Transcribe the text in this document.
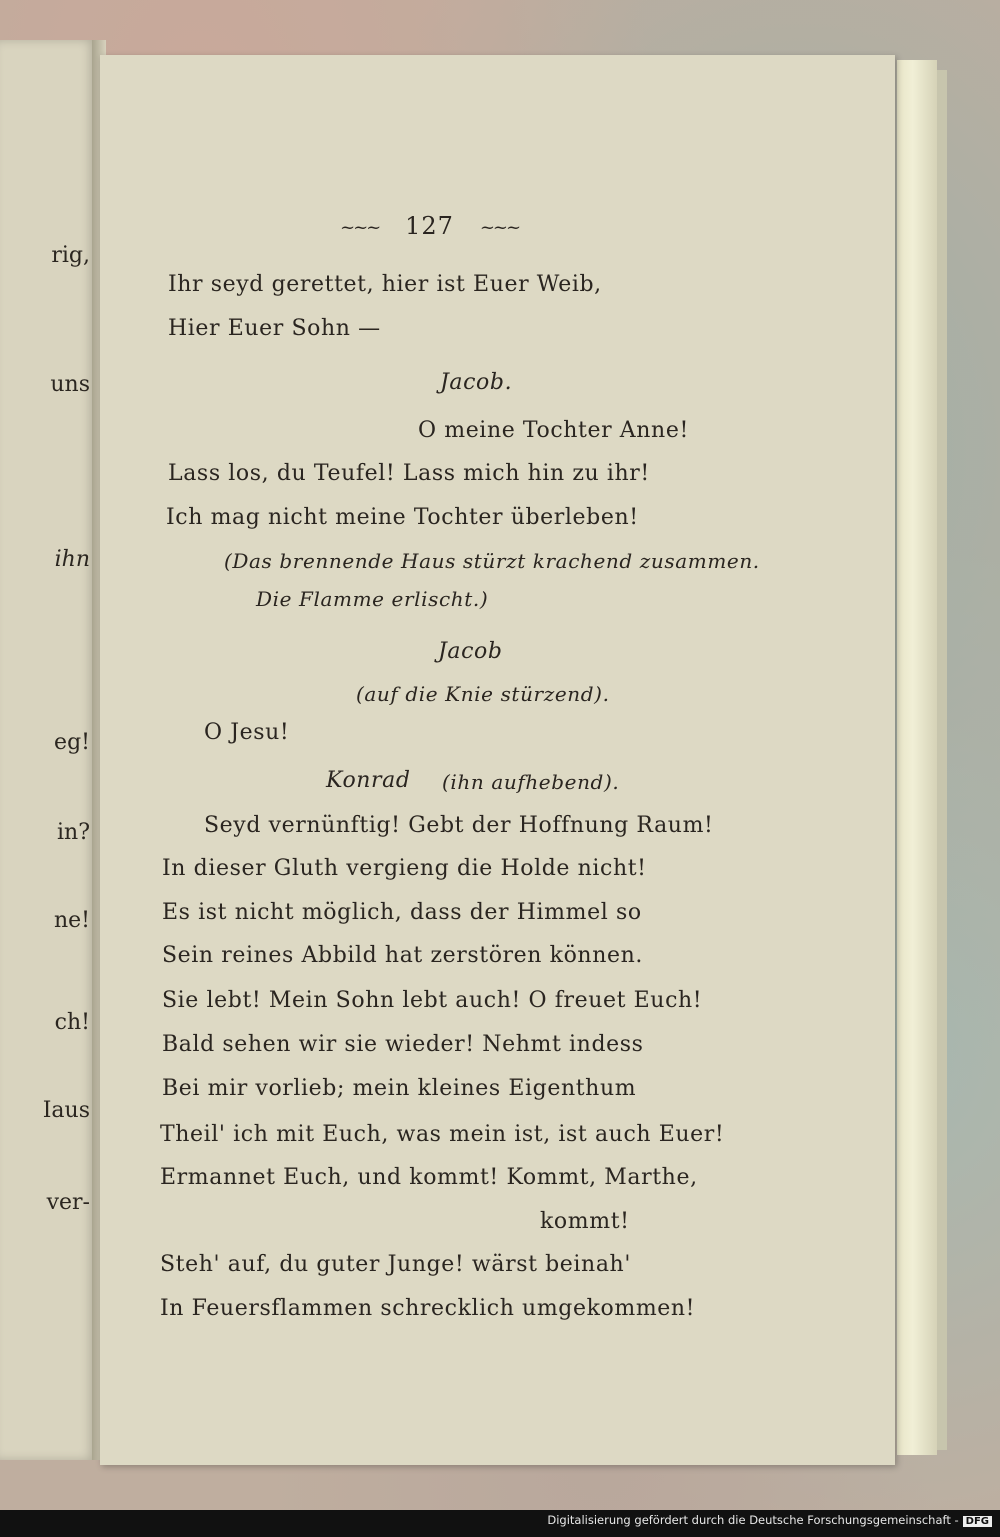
rig,
uns
ihn
eg!
in?
ne!
ch!
Iaus
ver-
~~~ 127 ~~~
Ihr seyd gerettet, hier ist Euer Weib,
Hier Euer Sohn —
Jacob.
O meine Tochter Anne!
Lass los, du Teufel! Lass mich hin zu ihr!
Ich mag nicht meine Tochter überleben!
(Das brennende Haus stürzt krachend zusammen.
Die Flamme erlischt.)
Jacob
(auf die Knie stürzend).
O Jesu!
Konrad (ihn aufhebend).
Seyd vernünftig! Gebt der Hoffnung Raum!
In dieser Gluth vergieng die Holde nicht!
Es ist nicht möglich, dass der Himmel so
Sein reines Abbild hat zerstören können.
Sie lebt! Mein Sohn lebt auch! O freuet Euch!
Bald sehen wir sie wieder! Nehmt indess
Bei mir vorlieb; mein kleines Eigenthum
Theil' ich mit Euch, was mein ist, ist auch Euer!
Ermannet Euch, und kommt! Kommt, Marthe,
kommt!
Steh' auf, du guter Junge! wärst beinah'
In Feuersflammen schrecklich umgekommen!
Digitalisierung gefördert durch die Deutsche Forschungsgemeinschaft - DFG
